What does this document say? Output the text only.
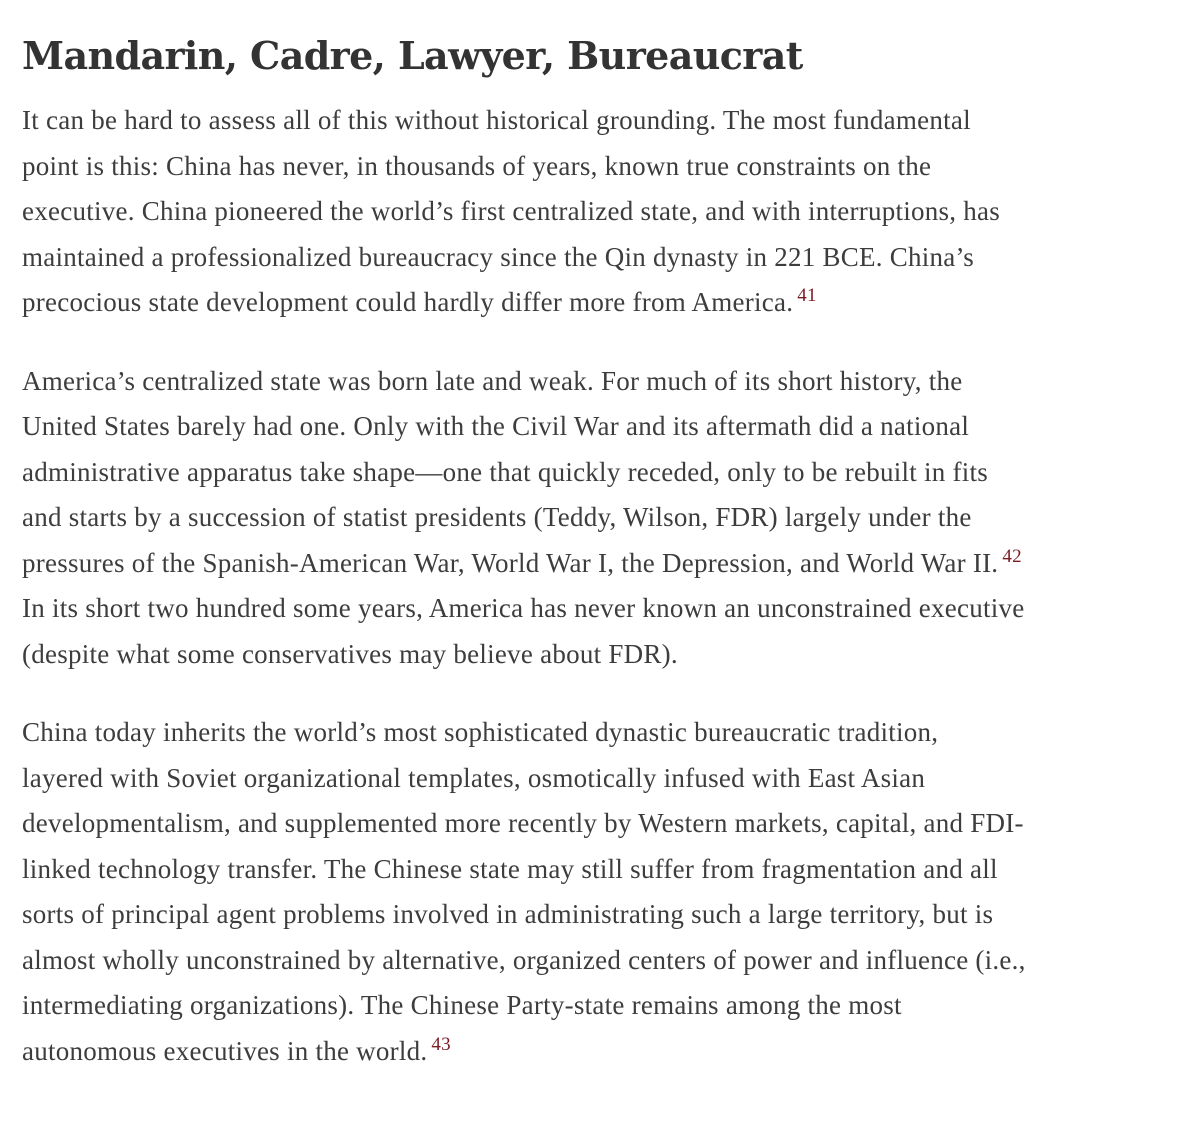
Mandarin, Cadre, Lawyer, Bureaucrat

It can be hard to assess all of this without historical grounding. The most fundamental
point is this: China has never, in thousands of years, known true constraints on the
executive. China pioneered the world’s first centralized state, and with interruptions, has
maintained a professionalized bureaucracy since the Qin dynasty in 221 BCE. China’s
precocious state development could hardly differ more from America. $^{41}$

America’s centralized state was born late and weak. For much of its short history, the
United States barely had one. Only with the Civil War and its aftermath did a national
administrative apparatus take shape—one that quickly receded, only to be rebuilt in fits
and starts by a succession of statist presidents (Teddy, Wilson, FDR) largely under the
pressures of the Spanish-American War, World War I, the Depression, and World War II. $^{42}$
In its short two hundred some years, America has never known an unconstrained executive
(despite what some conservatives may believe about FDR).

China today inherits the world’s most sophisticated dynastic bureaucratic tradition,
layered with Soviet organizational templates, osmotically infused with East Asian
developmentalism, and supplemented more recently by Western markets, capital, and FDI-
linked technology transfer. The Chinese state may still suffer from fragmentation and all
sorts of principal agent problems involved in administrating such a large territory, but is
almost wholly unconstrained by alternative, organized centers of power and influence (i.e.,
intermediating organizations). The Chinese Party-state remains among the most
autonomous executives in the world. $^{43}$
